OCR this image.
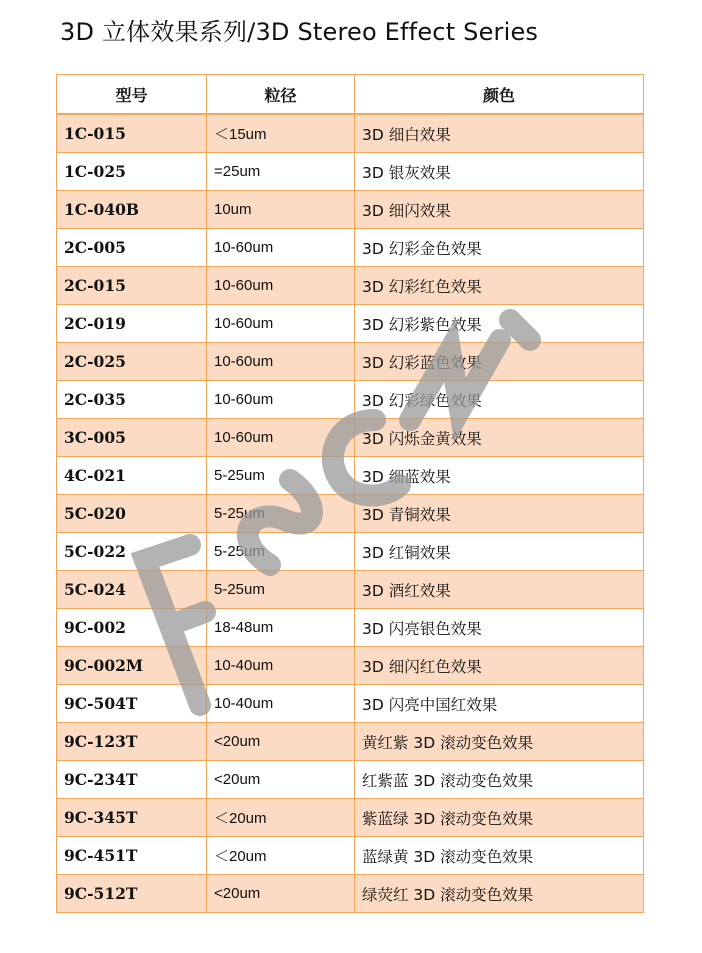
3D 立体效果系列/3D Stereo Effect Series
型号	粒径	颜色
1C-015	＜15um	3D 细白效果
1C-025	=25um	3D 银灰效果
1C-040B	10um	3D 细闪效果
2C-005	10-60um	3D 幻彩金色效果
2C-015	10-60um	3D 幻彩红色效果
2C-019	10-60um	3D 幻彩紫色效果
2C-025	10-60um	3D 幻彩蓝色效果
2C-035	10-60um	3D 幻彩绿色效果
3C-005	10-60um	3D 闪烁金黄效果
4C-021	5-25um	3D 细蓝效果
5C-020	5-25um	3D 青铜效果
5C-022	5-25um	3D 红铜效果
5C-024	5-25um	3D 酒红效果
9C-002	18-48um	3D 闪亮银色效果
9C-002M	10-40um	3D 细闪红色效果
9C-504T	10-40um	3D 闪亮中国红效果
9C-123T	<20um	黄红紫 3D 滚动变色效果
9C-234T	<20um	红紫蓝 3D 滚动变色效果
9C-345T	＜20um	紫蓝绿 3D 滚动变色效果
9C-451T	＜20um	蓝绿黄 3D 滚动变色效果
9C-512T	<20um	绿荧红 3D 滚动变色效果
